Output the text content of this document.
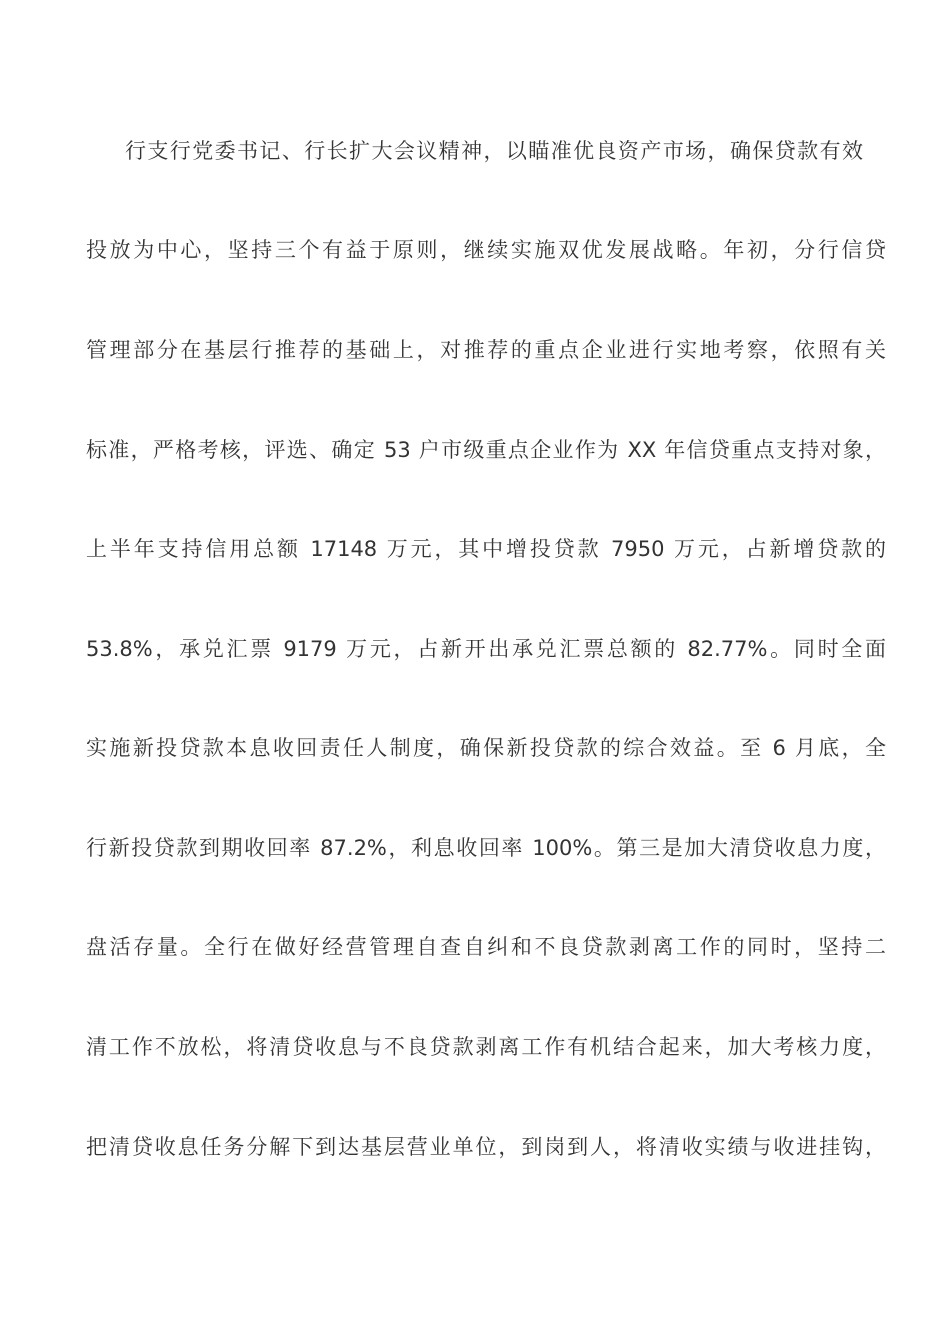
行支行党委书记、行长扩大会议精神，以瞄准优良资产市场，确保贷款有效
投放为中心，坚持三个有益于原则，继续实施双优发展战略。年初，分行信贷
管理部分在基层行推荐的基础上，对推荐的重点企业进行实地考察，依照有关
标准，严格考核，评选、确定 53 户市级重点企业作为 XX 年信贷重点支持对象，
上半年支持信用总额 17148 万元，其中增投贷款 7950 万元，占新增贷款的
53.8%，承兑汇票 9179 万元，占新开出承兑汇票总额的 82.77%。同时全面
实施新投贷款本息收回责任人制度，确保新投贷款的综合效益。至 6 月底，全
行新投贷款到期收回率 87.2%，利息收回率 100%。第三是加大清贷收息力度，
盘活存量。全行在做好经营管理自查自纠和不良贷款剥离工作的同时，坚持二
清工作不放松，将清贷收息与不良贷款剥离工作有机结合起来，加大考核力度，
把清贷收息任务分解下到达基层营业单位，到岗到人，将清收实绩与收进挂钩，
